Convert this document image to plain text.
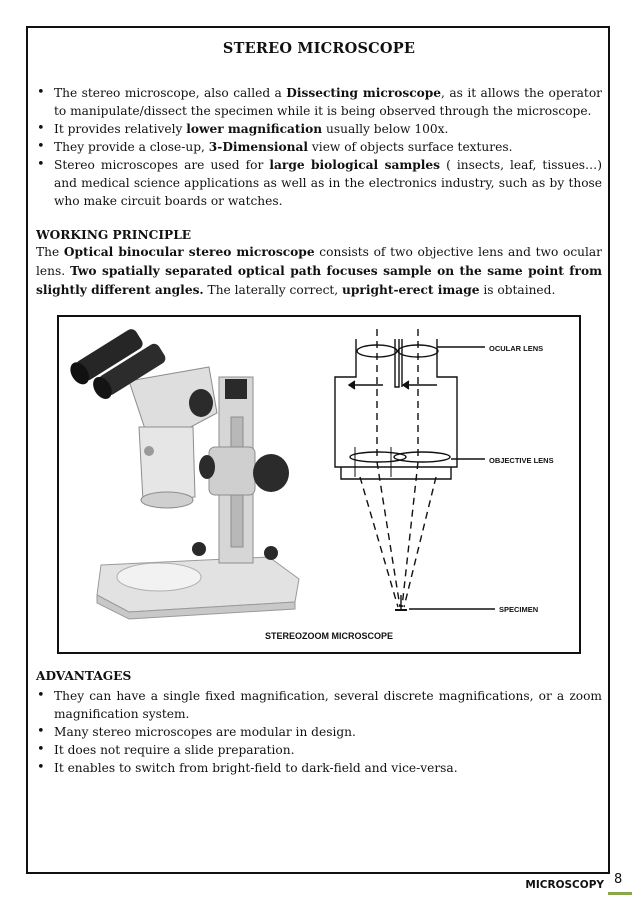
STEREO MICROSCOPE
• The stereo microscope, also called a Dissecting microscope, as it allows the operator to manipulate/dissect the specimen while it is being observed through the microscope.
• It provides relatively lower magnification usually below 100x.
• They provide a close-up, 3-Dimensional view of objects surface textures.
• Stereo microscopes are used for large biological samples ( insects, leaf, tissues…) and medical science applications as well as in the electronics industry, such as by those who make circuit boards or watches.
WORKING PRINCIPLE

The Optical binocular stereo microscope consists of two objective lens and two ocular lens. Two spatially separated optical path focuses sample on the same point from slightly different angles. The laterally correct, upright-erect image is obtained.

OCULAR LENS
OBJECTIVE LENS
SPECIMEN
STEREOZOOM MICROSCOPE
ADVANTAGES
• They can have a single fixed magnification, several discrete magnifications, or a zoom magnification system.
• Many stereo microscopes are modular in design.
• It does not require a slide preparation.
• It enables to switch from bright-field to dark-field and vice-versa.
MICROSCOPY 8
